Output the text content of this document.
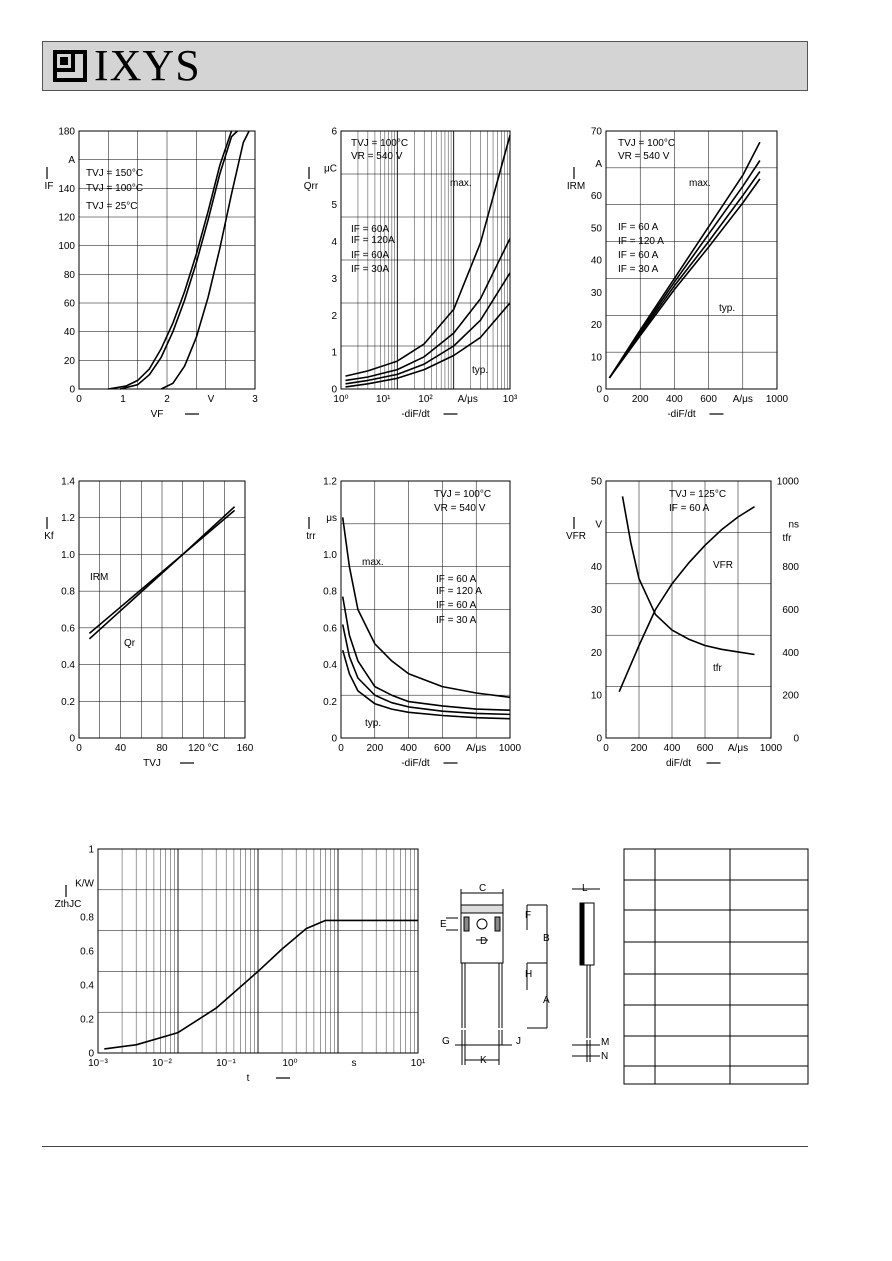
IXYS
0	1	2	V	3
0
20
40
60
80
100
120
140
A
180
VF
IF
TVJ = 150°C
TVJ = 100°C
TVJ = 25°C
10⁰	10¹	10² A/μs 10³
0
1
2
3
4
5
μC
6
-diF/dt
Qrr
TVJ = 100°C
VR = 540 V
max.
IF = 60A
IF = 120A
IF = 60A
IF = 30A
typ.
0 200 400 600 A/μs 1000
0
10
20
30
40
50
60
A
70
-diF/dt
IRM
TVJ = 100°C
VR = 540 V
max.
IF = 60 A
IF = 120 A
IF = 60 A
IF = 30 A
typ.
0	40	80 120 °C 160
0
0.2
0.4
0.6
0.8
1.0
1.2
1.4
TVJ
Kf
IRM
Qr
0 200 400 600 A/μs 1000
0
0.2
0.4
0.6
0.8
1.0
μs
1.2
-diF/dt
trr
TVJ = 100°C
VR = 540 V
max.
IF = 60 A
IF = 120 A
IF = 60 A
IF = 30 A
typ.
0 200 400 600 A/μs 1000
0
10
20
30
40
V
50
0
200
400
600
800
ns
1000
tfr
diF/dt
VFR
TVJ = 125°C
IF = 60 A
VFR
tfr
10⁻³	10⁻²	10⁻¹	10⁰	s	10¹
0
0.2
0.4
0.6
0.8
K/W
1
t
ZthJC
C
E
D
F
B
H
A
G	J
K
L
M
N
